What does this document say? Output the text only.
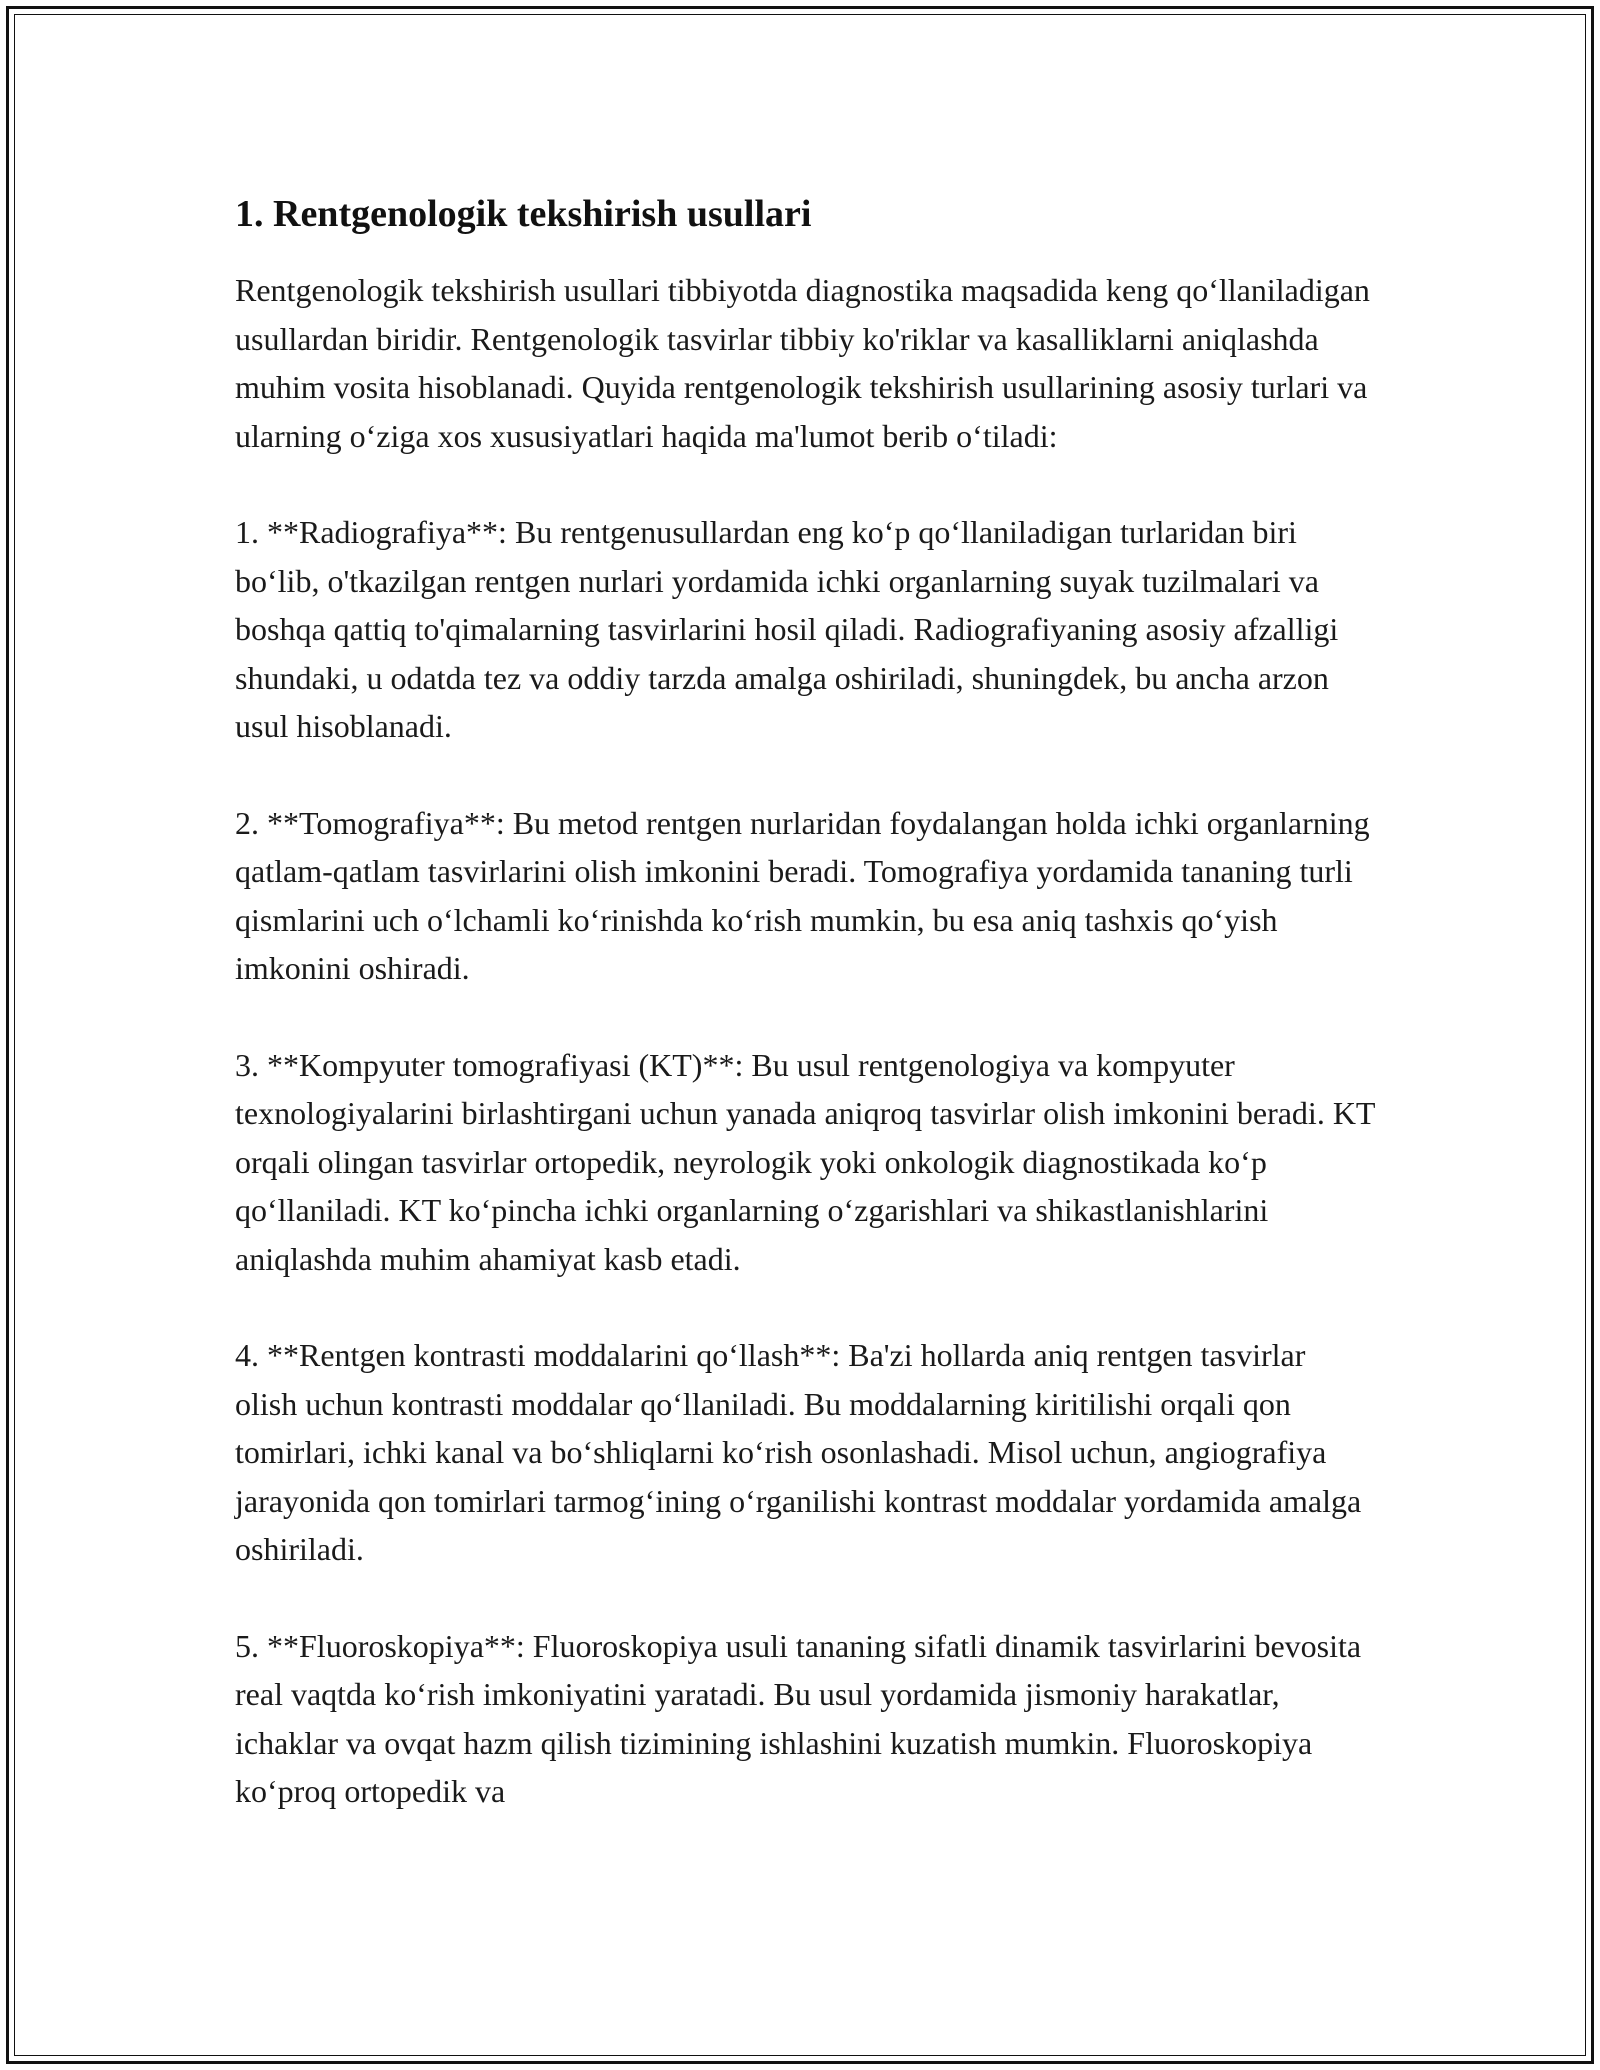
1. Rentgenologik tekshirish usullari

Rentgenologik tekshirish usullari tibbiyotda diagnostika maqsadida keng qo‘llaniladigan usullardan biridir. Rentgenologik tasvirlar tibbiy ko'riklar va kasalliklarni aniqlashda muhim vosita hisoblanadi. Quyida rentgenologik tekshirish usullarining asosiy turlari va ularning o‘ziga xos xususiyatlari haqida ma'lumot berib o‘tiladi:

1. **Radiografiya**: Bu rentgenusullardan eng ko‘p qo‘llaniladigan turlaridan biri bo‘lib, o'tkazilgan rentgen nurlari yordamida ichki organlarning suyak tuzilmalari va boshqa qattiq to'qimalarning tasvirlarini hosil qiladi. Radiografiyaning asosiy afzalligi shundaki, u odatda tez va oddiy tarzda amalga oshiriladi, shuningdek, bu ancha arzon usul hisoblanadi.

2. **Tomografiya**: Bu metod rentgen nurlaridan foydalangan holda ichki organlarning qatlam-qatlam tasvirlarini olish imkonini beradi. Tomografiya yordamida tananing turli qismlarini uch o‘lchamli ko‘rinishda ko‘rish mumkin, bu esa aniq tashxis qo‘yish imkonini oshiradi.

3. **Kompyuter tomografiyasi (KT)**: Bu usul rentgenologiya va kompyuter texnologiyalarini birlashtirgani uchun yanada aniqroq tasvirlar olish imkonini beradi. KT orqali olingan tasvirlar ortopedik, neyrologik yoki onkologik diagnostikada ko‘p qo‘llaniladi. KT ko‘pincha ichki organlarning o‘zgarishlari va shikastlanishlarini aniqlashda muhim ahamiyat kasb etadi.

4. **Rentgen kontrasti moddalarini qo‘llash**: Ba'zi hollarda aniq rentgen tasvirlar olish uchun kontrasti moddalar qo‘llaniladi. Bu moddalarning kiritilishi orqali qon tomirlari, ichki kanal va bo‘shliqlarni ko‘rish osonlashadi. Misol uchun, angiografiya jarayonida qon tomirlari tarmog‘ining o‘rganilishi kontrast moddalar yordamida amalga oshiriladi.

5. **Fluoroskopiya**: Fluoroskopiya usuli tananing sifatli dinamik tasvirlarini bevosita real vaqtda ko‘rish imkoniyatini yaratadi. Bu usul yordamida jismoniy harakatlar, ichaklar va ovqat hazm qilish tizimining ishlashini kuzatish mumkin. Fluoroskopiya ko‘proq ortopedik va
